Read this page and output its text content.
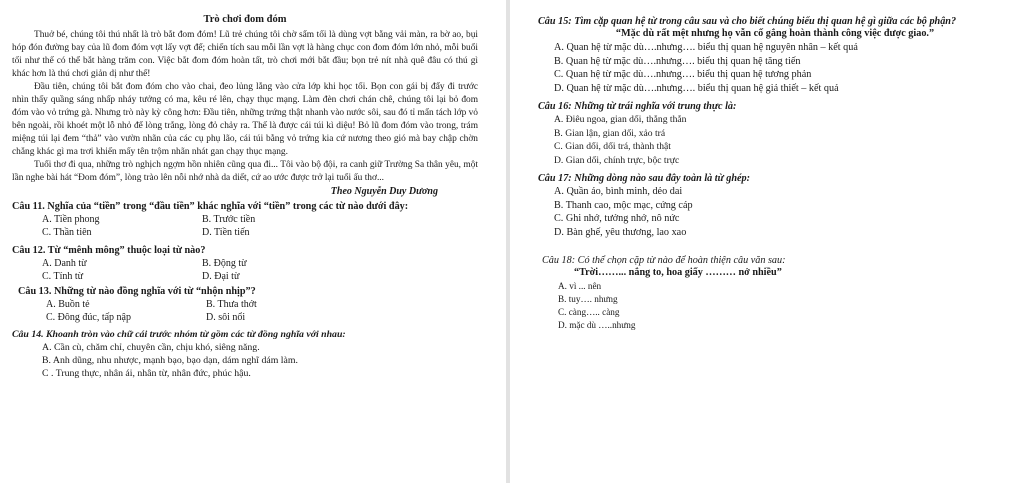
Trò chơi đom đóm

Thuở bé, chúng tôi thú nhất là trò bắt đom đóm! Lũ trẻ chúng tôi chờ sẩm tối là dùng vợt bằng vải màn, ra bờ ao, bụi hóp đón đường bay của lũ đom đóm vợt lấy vợt để; chiến tích sau mỗi lần vợt là hàng chục con đom đóm lớn nhỏ, mỗi buổi tối như thế có thể bắt hàng trăm con. Việc bắt đom đóm hoàn tất, trò chơi mới bắt đầu; bọn trẻ nít nhà quê đâu có thú gì khác hơn là thú chơi giản dị như thế!

Đầu tiên, chúng tôi bắt đom đóm cho vào chai, đeo lủng lẳng vào cửa lớp khi học tối. Bọn con gái bị đẩy đi trước nhìn thấy quầng sáng nhấp nháy tưởng có ma, kêu ré lên, chạy thục mạng. Làm đèn chơi chán chê, chúng tôi lại bỏ đom đóm vào vỏ trứng gà. Nhưng trò này kỳ công hơn: Đầu tiên, những trứng thật nhanh vào nước sôi, sau đó tỉ mẩn tách lớp vỏ bên ngoài, rồi khoét một lỗ nhỏ để lòng trắng, lòng đỏ chảy ra. Thế là được cái túi kì diệu! Bỏ lũ đom đóm vào trong, trám miệng túi lại đem “thả” vào vườn nhãn của các cụ phụ lão, cái túi bằng vỏ trứng kia cứ nương theo gió mà bay chập chờn chẳng khác gì ma trơi khiến mấy tên trộm nhãn nhát gan chạy thục mạng.

Tuổi thơ đi qua, những trò nghịch ngợm hồn nhiên cũng qua đi... Tôi vào bộ đội, ra canh giữ Trường Sa thân yêu, một lần nghe bài hát “Đom đóm”, lòng trào lên nỗi nhớ nhà da diết, cứ ao ước được trở lại tuổi ấu thơ...

Theo Nguyễn Duy Dương
Câu 11. Nghĩa của “tiền” trong “đầu tiền” khác nghĩa với “tiền” trong các từ nào dưới đây:
A. Tiền phong	B. Trước tiền
C. Thần tiên	D. Tiền tiến
Câu 12. Từ “mênh mông” thuộc loại từ nào?
A. Danh từ	B. Động từ
C. Tính từ	D. Đại từ
Câu 13. Những từ nào đồng nghĩa với từ “nhộn nhịp”?
A. Buồn tẻ	B. Thưa thớt
C. Đông đúc, tấp nập	D. sôi nổi
Câu 14. Khoanh tròn vào chữ cái trước nhóm từ gồm các từ đồng nghĩa với nhau:
A. Cần cù, chăm chỉ, chuyên cần, chịu khó, siêng năng.
B. Anh dũng, nhu nhược, mạnh bạo, bạo dạn, dám nghĩ dám làm.
C . Trung thực, nhân ái, nhân từ, nhân đức, phúc hậu.
Câu 15: Tìm cặp quan hệ từ trong câu sau và cho biết chúng biểu thị quan hệ gì giữa các bộ phận?
“Mặc dù rất mệt nhưng họ vẫn cố gắng hoàn thành công việc được giao.”
A. Quan hệ từ mặc dù….nhưng…. biểu thị quan hệ nguyên nhân – kết quả
B. Quan hệ từ mặc dù….nhưng…. biểu thị quan hệ tăng tiến
C. Quan hệ từ mặc dù….nhưng…. biểu thị quan hệ tương phản
D. Quan hệ từ mặc dù….nhưng…. biểu thị quan hệ giả thiết – kết quả
Câu 16: Những từ trái nghĩa với trung thực là:
A. Điêu ngoa, gian dối, thẳng thắn
B. Gian lận, gian dối, xảo trá
C. Gian dối, dối trá, thành thật
D. Gian dối, chính trực, bộc trực
Câu 17: Những dòng nào sau đây toàn là từ ghép:
A. Quần áo, bình minh, dẻo dai
B. Thanh cao, mộc mạc, cứng cáp
C. Ghi nhớ, tưởng nhớ, nô nức
D. Bàn ghế, yêu thương, lao xao
Câu 18: Có thể chọn cặp từ nào để hoàn thiện câu văn sau:
“Trời……... nắng to, hoa giấy ……… nở nhiều”
A. vì ... nên
B. tuy…. nhưng
C. càng….. càng
D. mặc dù …..nhưng
